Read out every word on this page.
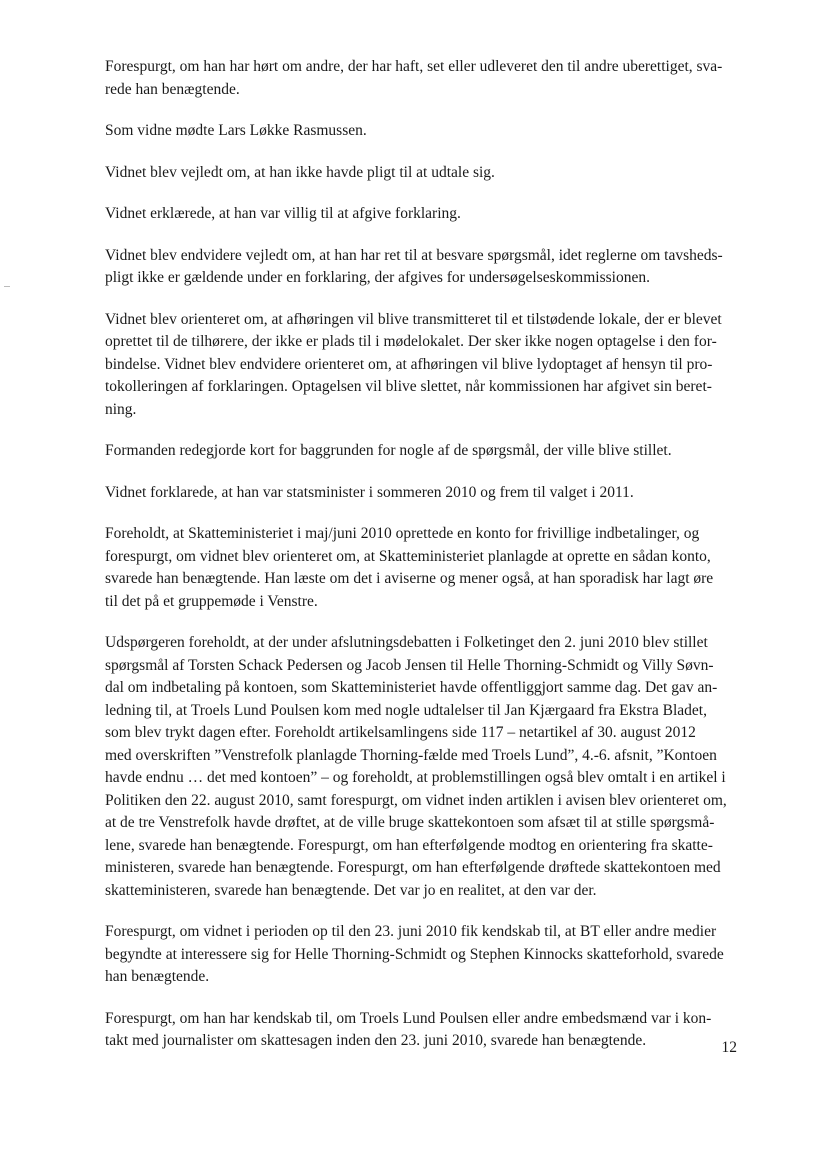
Forespurgt, om han har hørt om andre, der har haft, set eller udleveret den til andre uberettiget, sva-
rede han benægtende.

Som vidne mødte Lars Løkke Rasmussen.

Vidnet blev vejledt om, at han ikke havde pligt til at udtale sig.

Vidnet erklærede, at han var villig til at afgive forklaring.

Vidnet blev endvidere vejledt om, at han har ret til at besvare spørgsmål, idet reglerne om tavsheds-
pligt ikke er gældende under en forklaring, der afgives for undersøgelseskommissionen.

Vidnet blev orienteret om, at afhøringen vil blive transmitteret til et tilstødende lokale, der er blevet
oprettet til de tilhørere, der ikke er plads til i mødelokalet. Der sker ikke nogen optagelse i den for-
bindelse. Vidnet blev endvidere orienteret om, at afhøringen vil blive lydoptaget af hensyn til pro-
tokolleringen af forklaringen. Optagelsen vil blive slettet, når kommissionen har afgivet sin beret-
ning.

Formanden redegjorde kort for baggrunden for nogle af de spørgsmål, der ville blive stillet.

Vidnet forklarede, at han var statsminister i sommeren 2010 og frem til valget i 2011.

Foreholdt, at Skatteministeriet i maj/juni 2010 oprettede en konto for frivillige indbetalinger, og
forespurgt, om vidnet blev orienteret om, at Skatteministeriet planlagde at oprette en sådan konto,
svarede han benægtende. Han læste om det i aviserne og mener også, at han sporadisk har lagt øre
til det på et gruppemøde i Venstre.

Udspørgeren foreholdt, at der under afslutningsdebatten i Folketinget den 2. juni 2010 blev stillet
spørgsmål af Torsten Schack Pedersen og Jacob Jensen til Helle Thorning-Schmidt og Villy Søvn-
dal om indbetaling på kontoen, som Skatteministeriet havde offentliggjort samme dag. Det gav an-
ledning til, at Troels Lund Poulsen kom med nogle udtalelser til Jan Kjærgaard fra Ekstra Bladet,
som blev trykt dagen efter. Foreholdt artikelsamlingens side 117 – netartikel af 30. august 2012
med overskriften ”Venstrefolk planlagde Thorning-fælde med Troels Lund”, 4.-6. afsnit, ”Kontoen
havde endnu … det med kontoen” – og foreholdt, at problemstillingen også blev omtalt i en artikel i
Politiken den 22. august 2010, samt forespurgt, om vidnet inden artiklen i avisen blev orienteret om,
at de tre Venstrefolk havde drøftet, at de ville bruge skattekontoen som afsæt til at stille spørgsmå-
lene, svarede han benægtende. Forespurgt, om han efterfølgende modtog en orientering fra skatte-
ministeren, svarede han benægtende. Forespurgt, om han efterfølgende drøftede skattekontoen med
skatteministeren, svarede han benægtende. Det var jo en realitet, at den var der.

Forespurgt, om vidnet i perioden op til den 23. juni 2010 fik kendskab til, at BT eller andre medier
begyndte at interessere sig for Helle Thorning-Schmidt og Stephen Kinnocks skatteforhold, svarede
han benægtende.

Forespurgt, om han har kendskab til, om Troels Lund Poulsen eller andre embedsmænd var i kon-
takt med journalister om skattesagen inden den 23. juni 2010, svarede han benægtende.	12
